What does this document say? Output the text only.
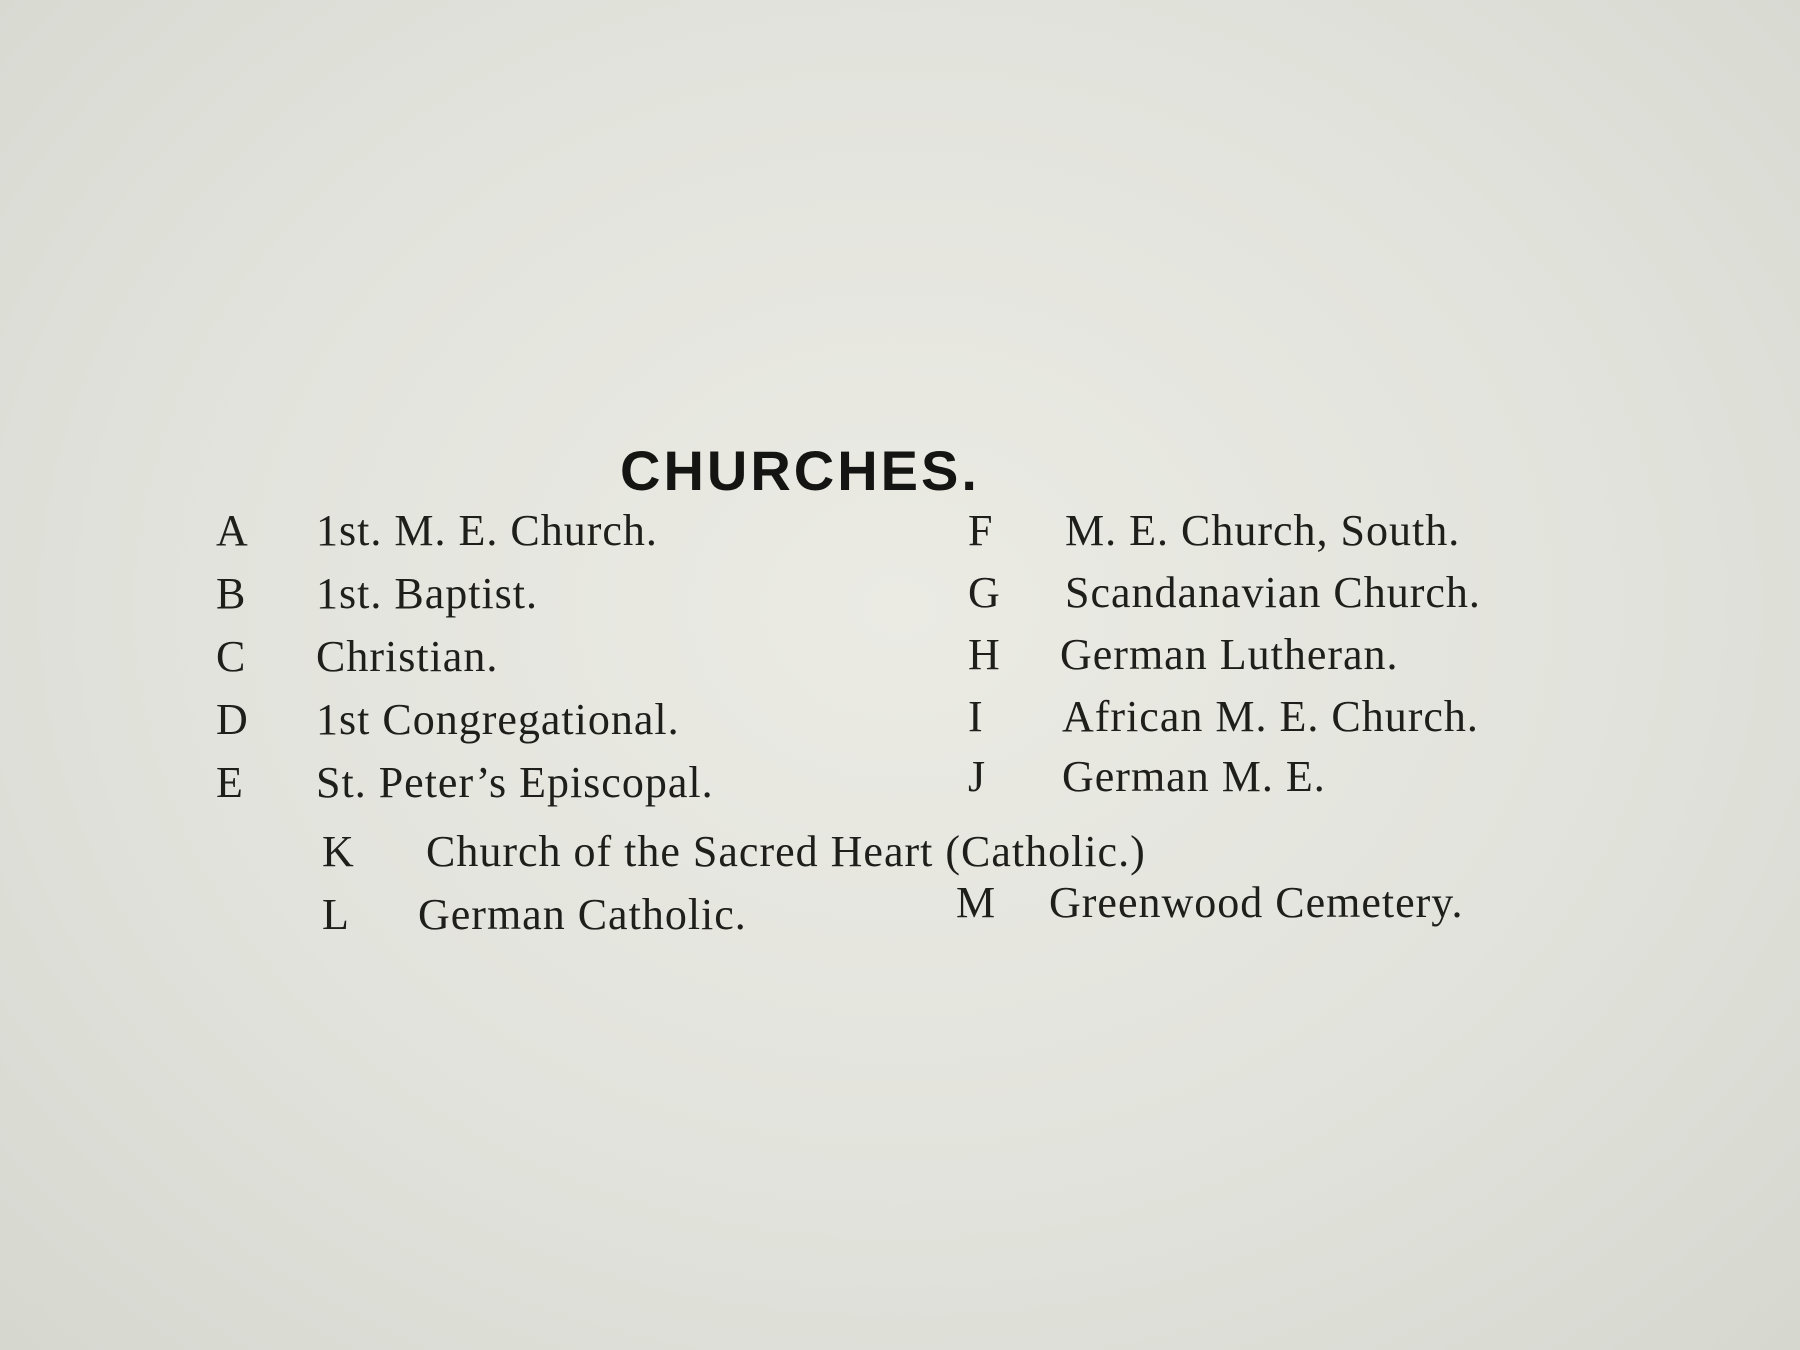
CHURCHES.
A 1st. M. E. Church.
B 1st. Baptist.
C Christian.
D 1st Congregational.
E St. Peter’s Episcopal.
F M. E. Church, South.
G Scandanavian Church.
H German Lutheran.
I African M. E. Church.
J German M. E.
K Church of the Sacred Heart (Catholic.)
L German Catholic.	M Greenwood Cemetery.
